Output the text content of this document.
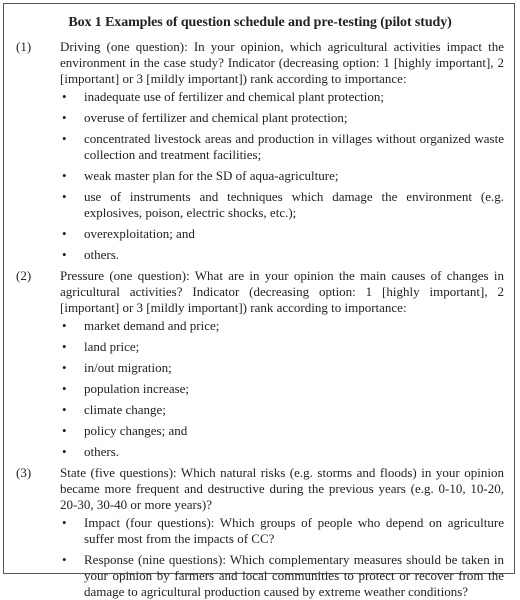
Box 1 Examples of question schedule and pre-testing (pilot study)
(1) Driving (one question): In your opinion, which agricultural activities impact the environment in the case study? Indicator (decreasing option: 1 [highly important], 2 [important] or 3 [mildly important]) rank according to importance:

• inadequate use of fertilizer and chemical plant protection;
• overuse of fertilizer and chemical plant protection;
• concentrated livestock areas and production in villages without organized waste collection and treatment facilities;
• weak master plan for the SD of aqua-agriculture;
• use of instruments and techniques which damage the environment (e.g. explosives, poison, electric shocks, etc.);
• overexploitation; and
• others.
(2) Pressure (one question): What are in your opinion the main causes of changes in agricultural activities? Indicator (decreasing option: 1 [highly important], 2 [important] or 3 [mildly important]) rank according to importance:

• market demand and price;
• land price;
• in/out migration;
• population increase;
• climate change;
• policy changes; and
• others.
(3) State (five questions): Which natural risks (e.g. storms and floods) in your opinion became more frequent and destructive during the previous years (e.g. 0-10, 10-20, 20-30, 30-40 or more years)?

• Impact (four questions): Which groups of people who depend on agriculture suffer most from the impacts of CC?
• Response (nine questions): Which complementary measures should be taken in your opinion by farmers and local communities to protect or recover from the damage to agricultural production caused by extreme weather conditions?
